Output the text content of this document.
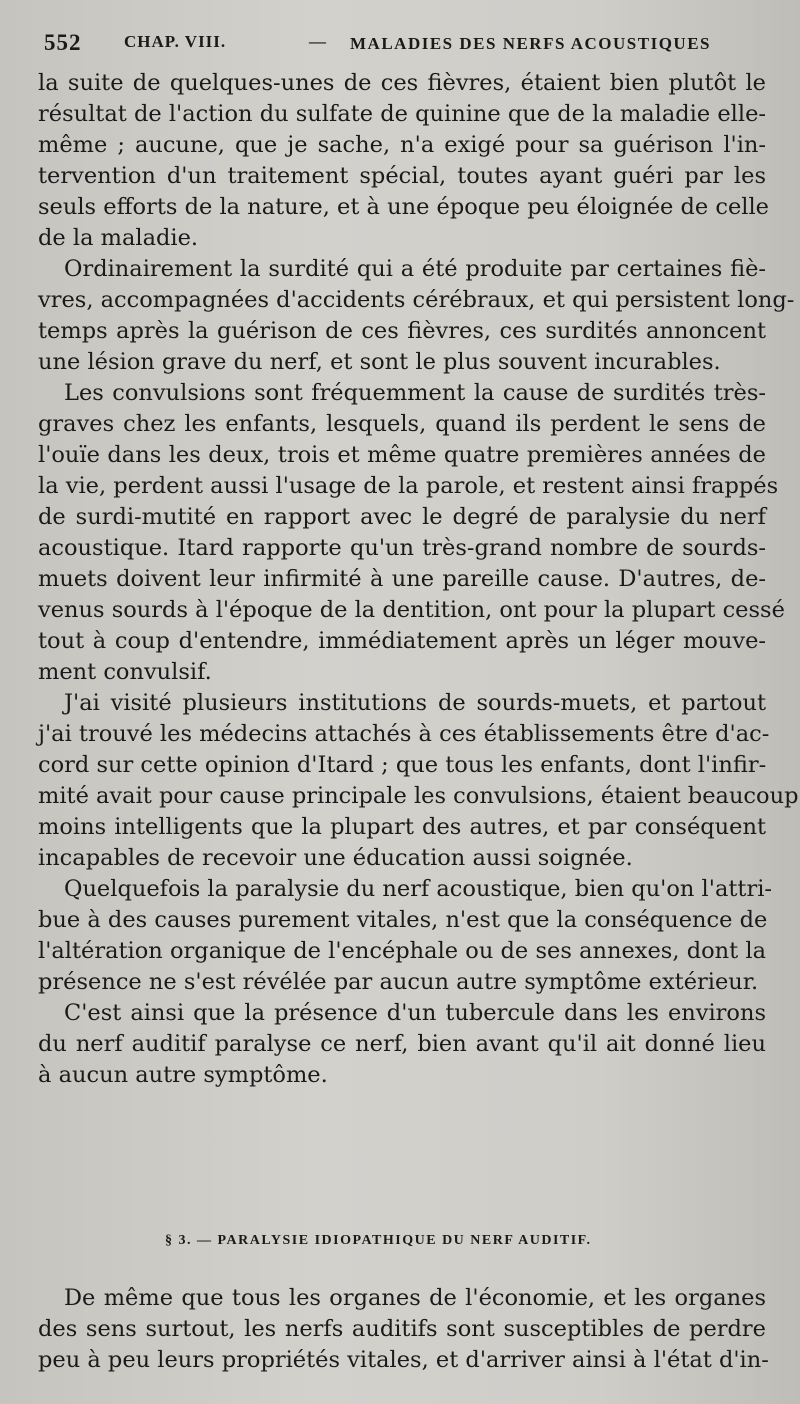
552	CHAP. VIII.	— MALADIES DES NERFS ACOUSTIQUES
la suite de quelques-unes de ces fièvres, étaient bien plutôt le
résultat de l'action du sulfate de quinine que de la maladie elle-
même ; aucune, que je sache, n'a exigé pour sa guérison l'in-
tervention d'un traitement spécial, toutes ayant guéri par les
seuls efforts de la nature, et à une époque peu éloignée de celle
de la maladie.
Ordinairement la surdité qui a été produite par certaines fiè-
vres, accompagnées d'accidents cérébraux, et qui persistent long-
temps après la guérison de ces fièvres, ces surdités annoncent
une lésion grave du nerf, et sont le plus souvent incurables.
Les convulsions sont fréquemment la cause de surdités très-
graves chez les enfants, lesquels, quand ils perdent le sens de
l'ouïe dans les deux, trois et même quatre premières années de
la vie, perdent aussi l'usage de la parole, et restent ainsi frappés
de surdi-mutité en rapport avec le degré de paralysie du nerf
acoustique. Itard rapporte qu'un très-grand nombre de sourds-
muets doivent leur infirmité à une pareille cause. D'autres, de-
venus sourds à l'époque de la dentition, ont pour la plupart cessé
tout à coup d'entendre, immédiatement après un léger mouve-
ment convulsif.
J'ai visité plusieurs institutions de sourds-muets, et partout
j'ai trouvé les médecins attachés à ces établissements être d'ac-
cord sur cette opinion d'Itard ; que tous les enfants, dont l'infir-
mité avait pour cause principale les convulsions, étaient beaucoup
moins intelligents que la plupart des autres, et par conséquent
incapables de recevoir une éducation aussi soignée.
Quelquefois la paralysie du nerf acoustique, bien qu'on l'attri-
bue à des causes purement vitales, n'est que la conséquence de
l'altération organique de l'encéphale ou de ses annexes, dont la
présence ne s'est révélée par aucun autre symptôme extérieur.
C'est ainsi que la présence d'un tubercule dans les environs
du nerf auditif paralyse ce nerf, bien avant qu'il ait donné lieu
à aucun autre symptôme.
§ 3. — PARALYSIE IDIOPATHIQUE DU NERF AUDITIF.
De même que tous les organes de l'économie, et les organes
des sens surtout, les nerfs auditifs sont susceptibles de perdre
peu à peu leurs propriétés vitales, et d'arriver ainsi à l'état d'in-
